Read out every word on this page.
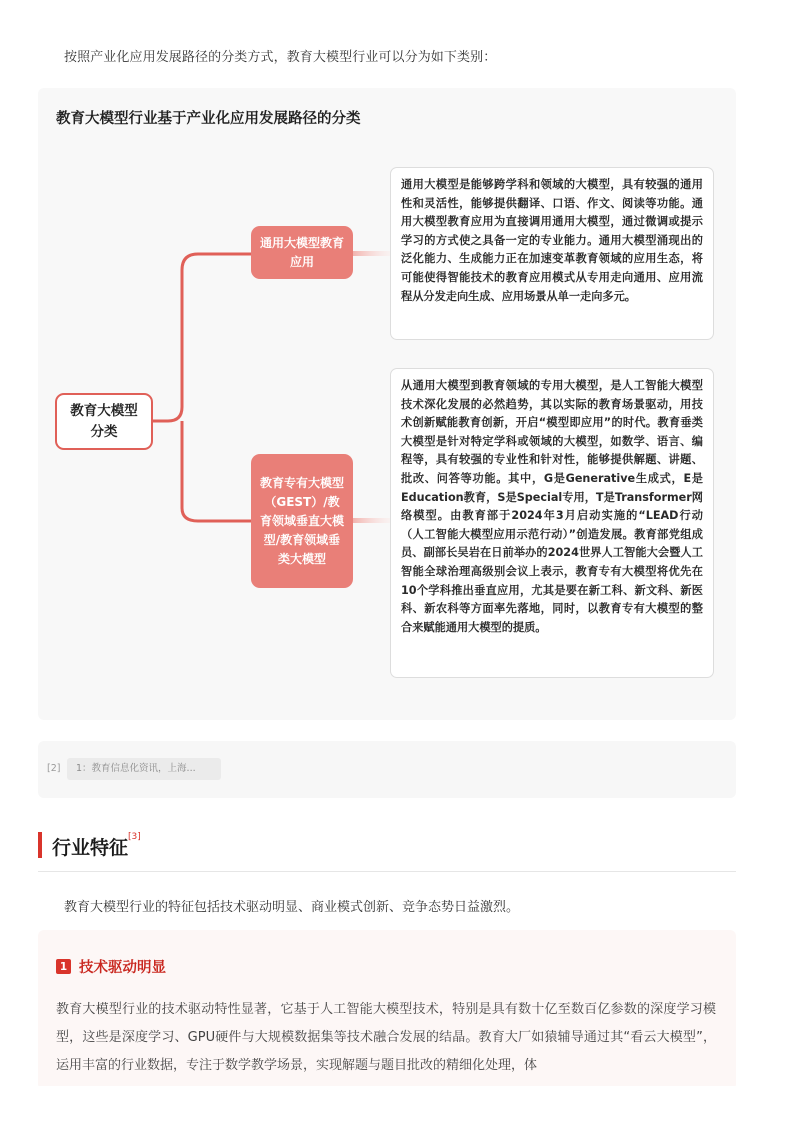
按照产业化应用发展路径的分类方式，教育大模型行业可以分为如下类别：
教育大模型行业基于产业化应用发展路径的分类
教育大模型分类
通用大模型教育应用
教育专有大模型（GEST）/教育领域垂直大模型/教育领域垂类大模型
通用大模型是能够跨学科和领域的大模型，具有较强的通用性和灵活性，能够提供翻译、口语、作文、阅读等功能。通用大模型教育应用为直接调用通用大模型，通过微调或提示学习的方式使之具备一定的专业能力。通用大模型涌现出的泛化能力、生成能力正在加速变革教育领域的应用生态，将可能使得智能技术的教育应用模式从专用走向通用、应用流程从分发走向生成、应用场景从单一走向多元。
从通用大模型到教育领域的专用大模型，是人工智能大模型技术深化发展的必然趋势，其以实际的教育场景驱动，用技术创新赋能教育创新，开启“模型即应用”的时代。教育垂类大模型是针对特定学科或领域的大模型，如数学、语言、编程等，具有较强的专业性和针对性，能够提供解题、讲题、批改、问答等功能。其中，G是Generative生成式，E是Education教育，S是Special专用，T是Transformer网络模型。由教育部于2024年3月启动实施的“LEAD行动（人工智能大模型应用示范行动）”创造发展。教育部党组成员、副部长吴岩在日前举办的2024世界人工智能大会暨人工智能全球治理高级别会议上表示，教育专有大模型将优先在10个学科推出垂直应用，尤其是要在新工科、新文科、新医科、新农科等方面率先落地，同时，以教育专有大模型的整合来赋能通用大模型的提质。
[2]	1：教育信息化资讯，上海...
行业特征[3]
教育大模型行业的特征包括技术驱动明显、商业模式创新、竞争态势日益激烈。
1 技术驱动明显
教育大模型行业的技术驱动特性显著，它基于人工智能大模型技术，特别是具有数十亿至数百亿参数的深度学习模型，这些是深度学习、GPU硬件与大规模数据集等技术融合发展的结晶。教育大厂如猿辅导通过其“看云大模型”，运用丰富的行业数据，专注于数学教学场景，实现解题与题目批改的精细化处理，体
